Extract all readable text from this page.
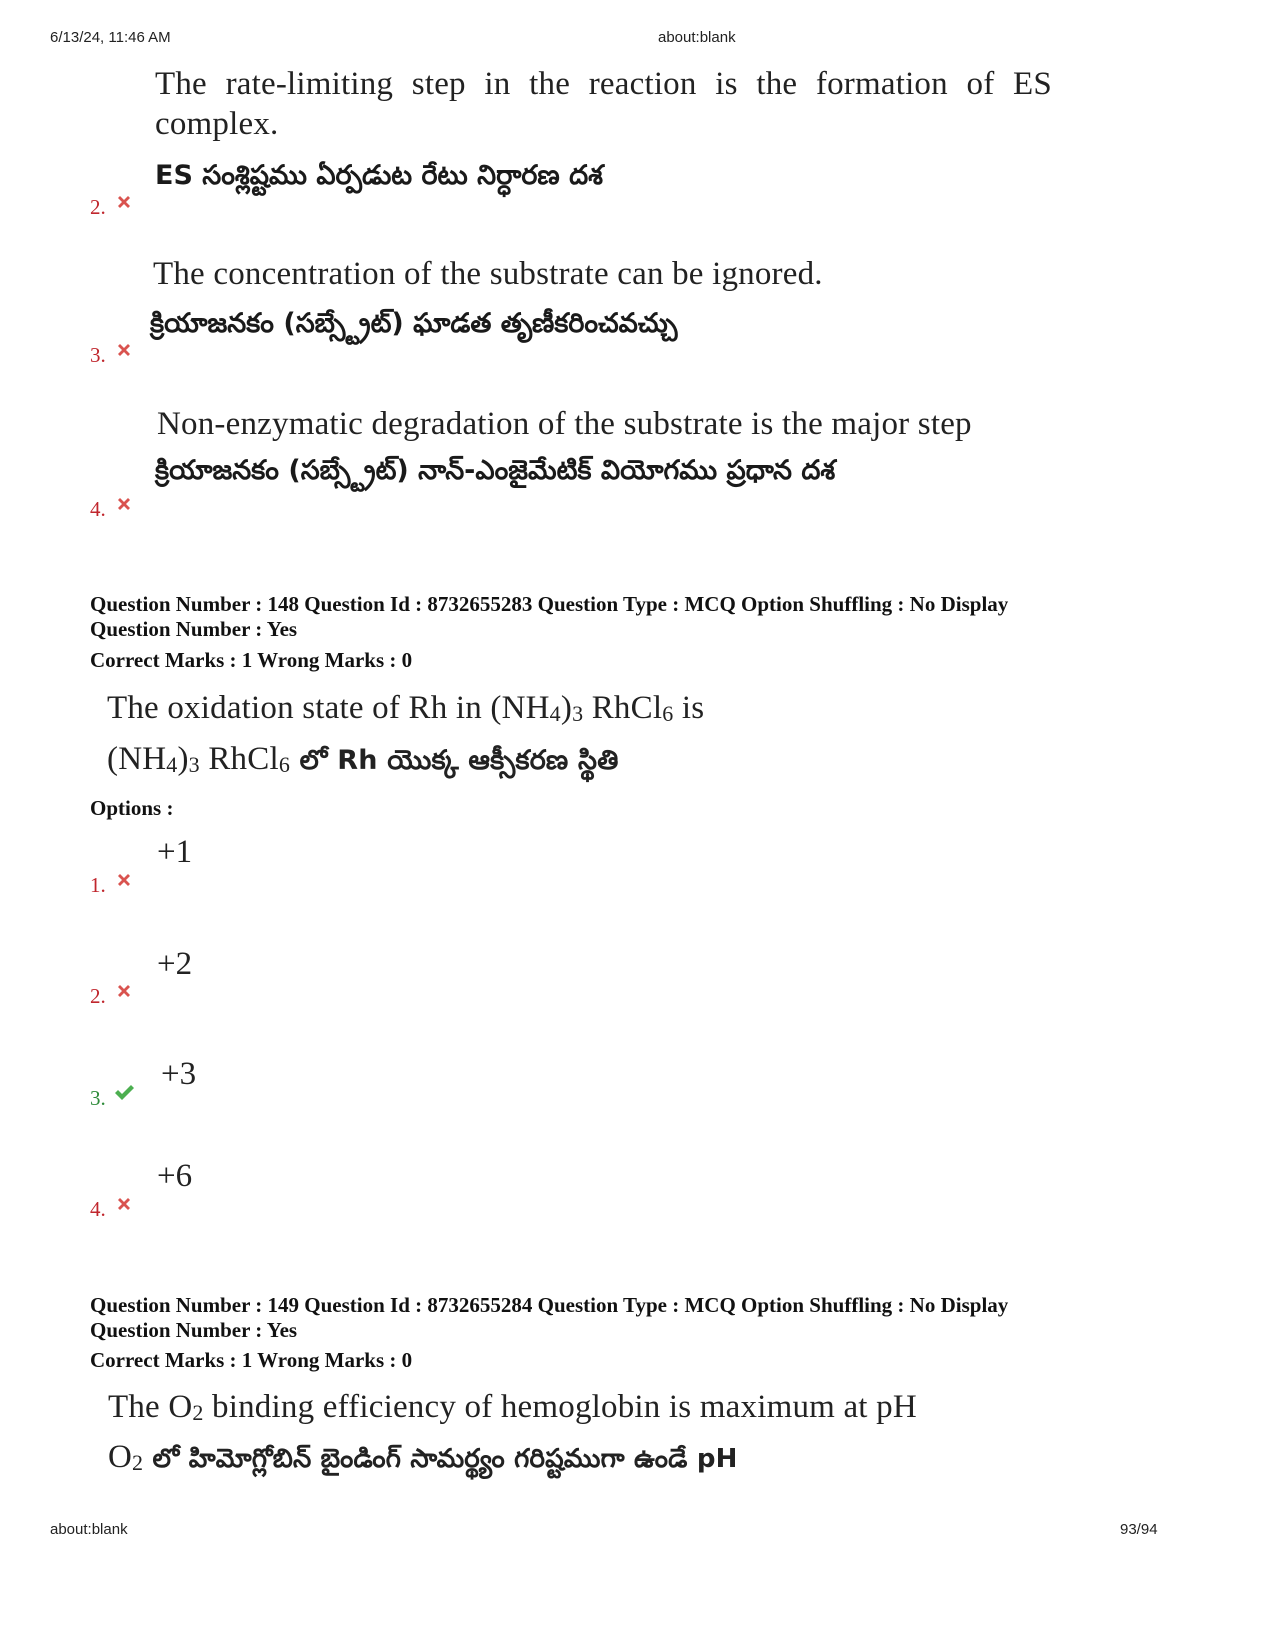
6/13/24, 11:46 AM	about:blank
The rate-limiting step in the reaction is the formation of ES
complex.
ES సంశ్లిష్టము ఏర్పడుట రేటు నిర్ధారణ దశ
2.
The concentration of the substrate can be ignored.
క్రియాజనకం (సబ్స్ట్రేట్) ఘాడత తృణీకరించవచ్చు
3.
Non-enzymatic degradation of the substrate is the major step
క్రియాజనకం (సబ్స్ట్రేట్) నాన్-ఎంజైమేటిక్ వియోగము ప్రధాన దశ
4.
Question Number : 148 Question Id : 8732655283 Question Type : MCQ Option Shuffling : No Display
Question Number : Yes
Correct Marks : 1 Wrong Marks : 0
The oxidation state of Rh in (NH4)3 RhCl6 is
(NH4)3 RhCl6 లో Rh యొక్క ఆక్సీకరణ స్థితి
Options :
+1
1.
+2
2.
+3
3.
+6
4.
Question Number : 149 Question Id : 8732655284 Question Type : MCQ Option Shuffling : No Display
Question Number : Yes
Correct Marks : 1 Wrong Marks : 0
The O2 binding efficiency of hemoglobin is maximum at pH
O2 లో హిమోగ్లోబిన్ బైండింగ్ సామర్థ్యం గరిష్టముగా ఉండే pH
about:blank	93/94
